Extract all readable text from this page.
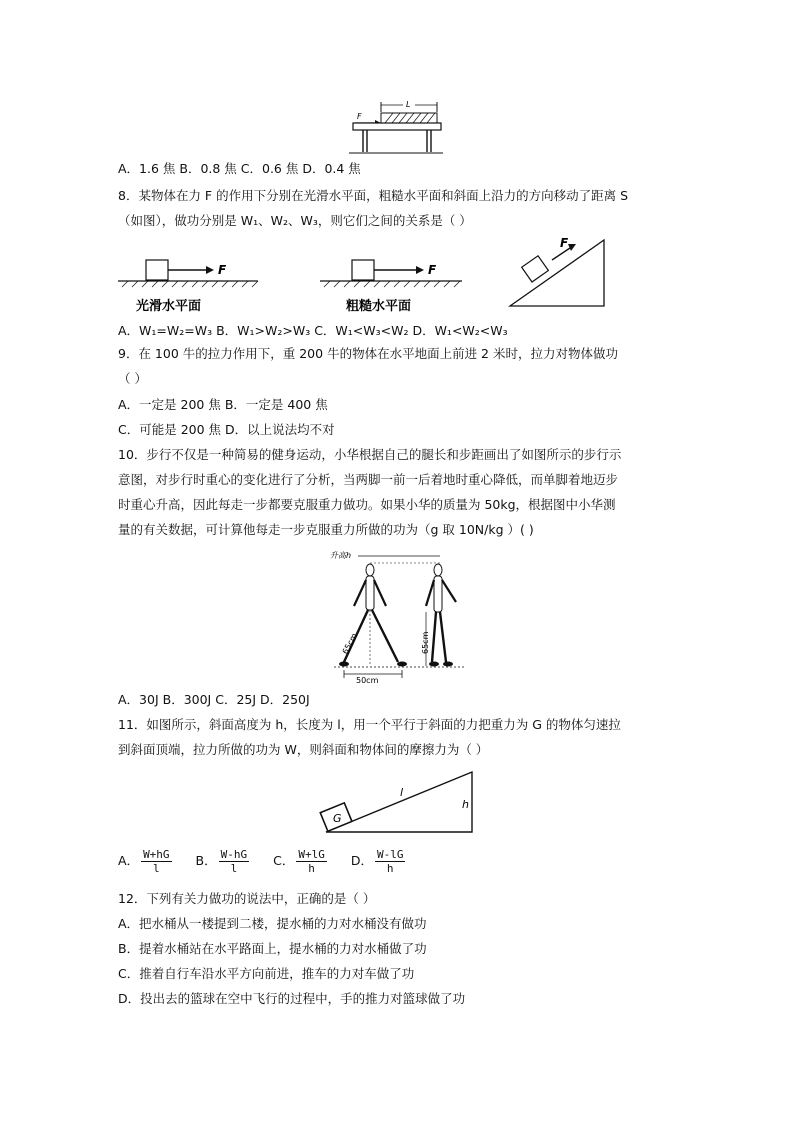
F
L
A．1.6 焦 B．0.8 焦 C．0.6 焦 D．0.4 焦
8．某物体在力 F 的作用下分别在光滑水平面，粗糙水平面和斜面上沿力的方向移动了距离 S
（如图），做功分别是 W₁、W₂、W₃，则它们之间的关系是（ ）
F
光滑水平面
F
粗糙水平面
F
A．W₁=W₂=W₃ B．W₁>W₂>W₃ C．W₁<W₃<W₂ D．W₁<W₂<W₃
9．在 100 牛的拉力作用下，重 200 牛的物体在水平地面上前进 2 米时，拉力对物体做功
（ ）
A．一定是 200 焦 B．一定是 400 焦
C．可能是 200 焦 D．以上说法均不对
10．步行不仅是一种简易的健身运动，小华根据自己的腿长和步距画出了如图所示的步行示
意图，对步行时重心的变化进行了分析，当两脚一前一后着地时重心降低，而单脚着地迈步
时重心升高，因此每走一步都要克服重力做功。如果小华的质量为 50kg，根据图中小华测
量的有关数据，可计算他每走一步克服重力所做的功为（g 取 10N/kg ）( )
升高h
65cm	65cm
50cm
A．30J B．300J C．25J D．250J
11．如图所示，斜面高度为 h，长度为 l，用一个平行于斜面的力把重力为 G 的物体匀速拉
到斜面顶端，拉力所做的功为 W，则斜面和物体间的摩擦力为（ ）
G
l
h
A． $\frac{W+hG}{l}$ B． $\frac{W-hG}{l}$ C． $\frac{W+lG}{h}$ D． $\frac{W-lG}{h}$
12．下列有关力做功的说法中，正确的是（ ）
A．把水桶从一楼提到二楼，提水桶的力对水桶没有做功
B．提着水桶站在水平路面上，提水桶的力对水桶做了功
C．推着自行车沿水平方向前进，推车的力对车做了功
D．投出去的篮球在空中飞行的过程中，手的推力对篮球做了功
